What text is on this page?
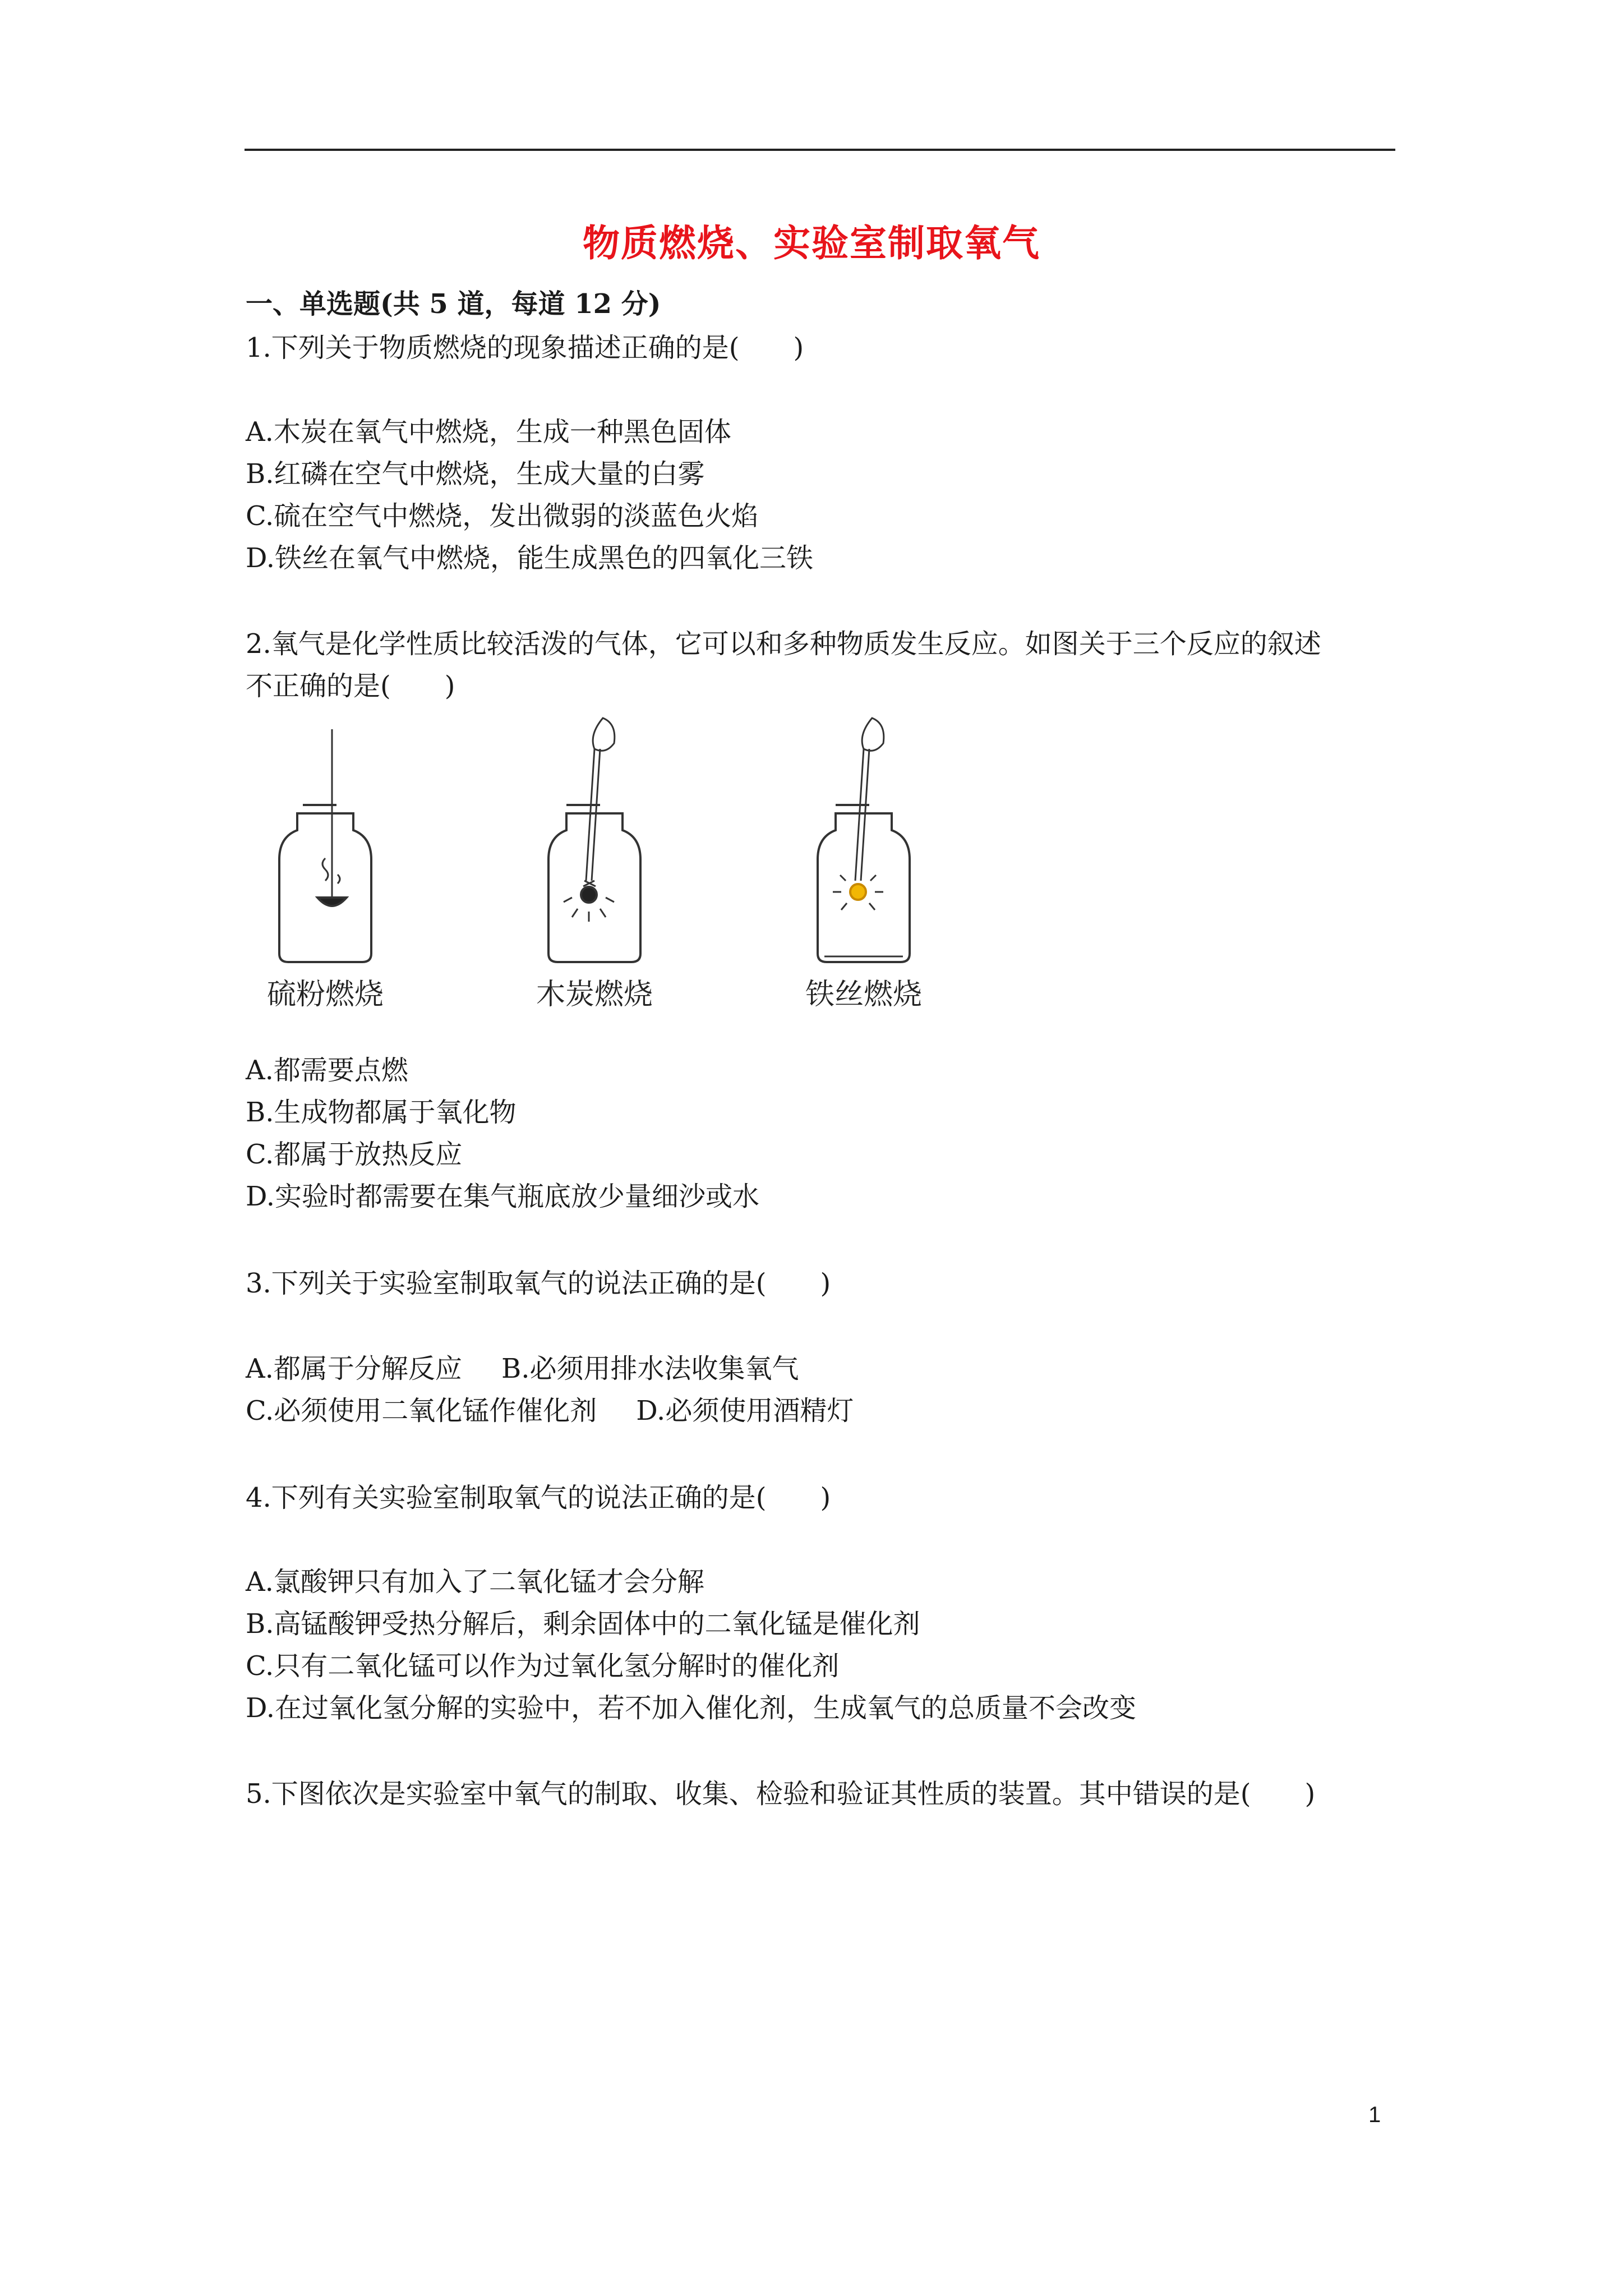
物质燃烧、实验室制取氧气
一、单选题(共 5 道，每道 12 分)
1.下列关于物质燃烧的现象描述正确的是(　　)
A.木炭在氧气中燃烧，生成一种黑色固体
B.红磷在空气中燃烧，生成大量的白雾
C.硫在空气中燃烧，发出微弱的淡蓝色火焰
D.铁丝在氧气中燃烧，能生成黑色的四氧化三铁
2.氧气是化学性质比较活泼的气体，它可以和多种物质发生反应。如图关于三个反应的叙述
不正确的是(　　)
硫粉燃烧	木炭燃烧	铁丝燃烧
A.都需要点燃
B.生成物都属于氧化物
C.都属于放热反应
D.实验时都需要在集气瓶底放少量细沙或水
3.下列关于实验室制取氧气的说法正确的是(　　)
A.都属于分解反应 B.必须用排水法收集氧气
C.必须使用二氧化锰作催化剂 D.必须使用酒精灯
4.下列有关实验室制取氧气的说法正确的是(　　)
A.氯酸钾只有加入了二氧化锰才会分解
B.高锰酸钾受热分解后，剩余固体中的二氧化锰是催化剂
C.只有二氧化锰可以作为过氧化氢分解时的催化剂
D.在过氧化氢分解的实验中，若不加入催化剂，生成氧气的总质量不会改变
5.下图依次是实验室中氧气的制取、收集、检验和验证其性质的装置。其中错误的是(　　)
1
